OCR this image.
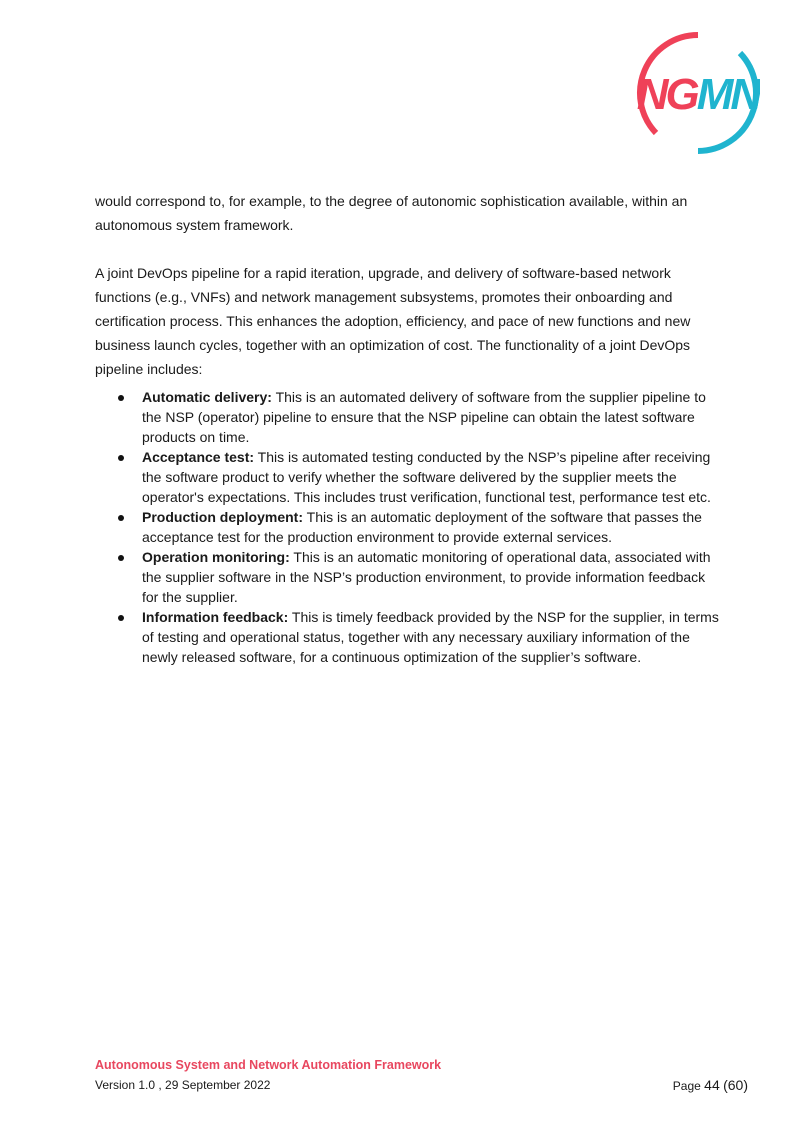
NGMN

would correspond to, for example, to the degree of autonomic sophistication available, within an autonomous system framework.

A joint DevOps pipeline for a rapid iteration, upgrade, and delivery of software-based network functions (e.g., VNFs) and network management subsystems, promotes their onboarding and certification process. This enhances the adoption, efficiency, and pace of new functions and new business launch cycles, together with an optimization of cost. The functionality of a joint DevOps pipeline includes:

Automatic delivery: This is an automated delivery of software from the supplier pipeline to the NSP (operator) pipeline to ensure that the NSP pipeline can obtain the latest software products on time.
Acceptance test: This is automated testing conducted by the NSP’s pipeline after receiving the software product to verify whether the software delivered by the supplier meets the operator's expectations. This includes trust verification, functional test, performance test etc.
Production deployment: This is an automatic deployment of the software that passes the acceptance test for the production environment to provide external services.
Operation monitoring: This is an automatic monitoring of operational data, associated with the supplier software in the NSP’s production environment, to provide information feedback for the supplier.
Information feedback: This is timely feedback provided by the NSP for the supplier, in terms of testing and operational status, together with any necessary auxiliary information of the newly released software, for a continuous optimization of the supplier’s software.
Autonomous System and Network Automation Framework
Version 1.0 , 29 September 2022	Page 44 (60)
